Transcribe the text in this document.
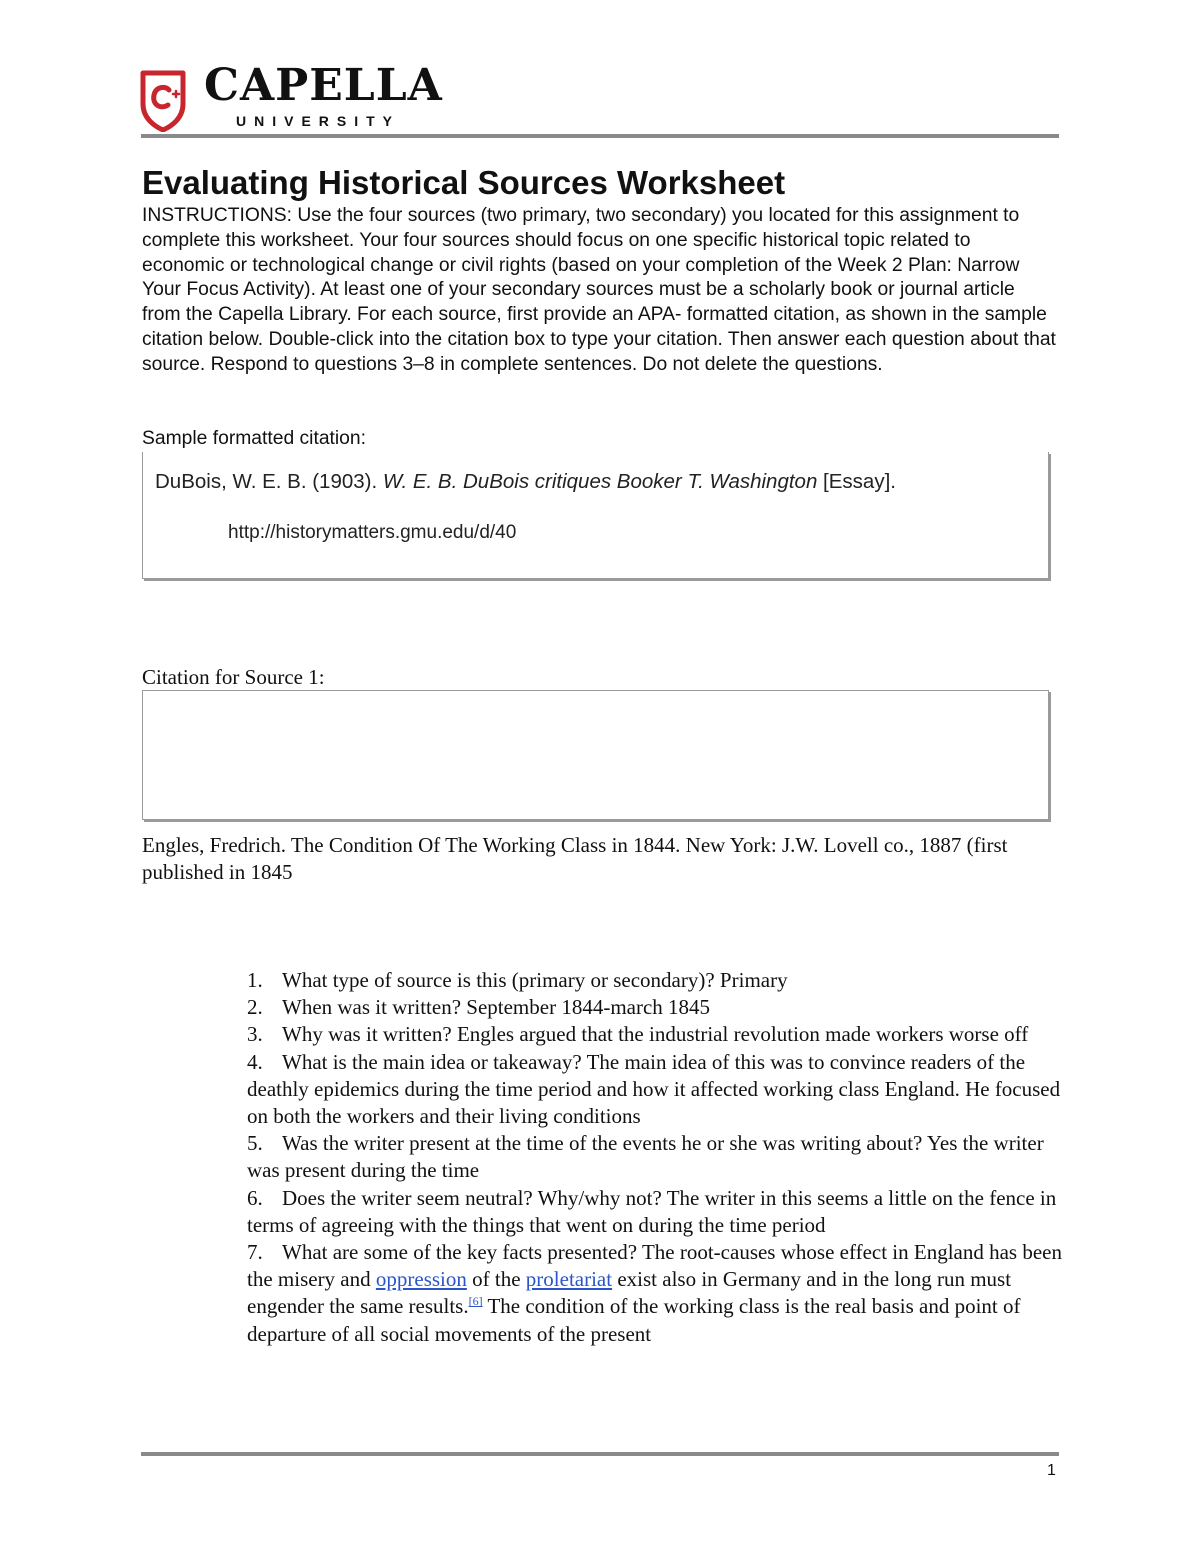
CAPELLA
UNIVERSITY
Evaluating Historical Sources Worksheet
INSTRUCTIONS: Use the four sources (two primary, two secondary) you located for this assignment to complete this worksheet. Your four sources should focus on one specific historical topic related to economic or technological change or civil rights (based on your completion of the Week 2 Plan: Narrow Your Focus Activity). At least one of your secondary sources must be a scholarly book or journal article from the Capella Library. For each source, first provide an APA- formatted citation, as shown in the sample citation below. Double-click into the citation box to type your citation. Then answer each question about that source. Respond to questions 3–8 in complete sentences. Do not delete the questions.
Sample formatted citation:
DuBois, W. E. B. (1903). W. E. B. DuBois critiques Booker T. Washington [Essay].
http://historymatters.gmu.edu/d/40
Citation for Source 1:
Engles, Fredrich. The Condition Of The Working Class in 1844. New York: J.W. Lovell co., 1887 (first published in 1845
1. What type of source is this (primary or secondary)? Primary
2. When was it written? September 1844-march 1845
3. Why was it written? Engles argued that the industrial revolution made workers worse off
4. What is the main idea or takeaway? The main idea of this was to convince readers of the deathly epidemics during the time period and how it affected working class England. He focused on both the workers and their living conditions
5. Was the writer present at the time of the events he or she was writing about? Yes the writer was present during the time
6. Does the writer seem neutral? Why/why not? The writer in this seems a little on the fence in terms of agreeing with the things that went on during the time period
7. What are some of the key facts presented? The root-causes whose effect in England has been the misery and oppression of the proletariat exist also in Germany and in the long run must engender the same results.[6] The condition of the working class is the real basis and point of departure of all social movements of the present
1
